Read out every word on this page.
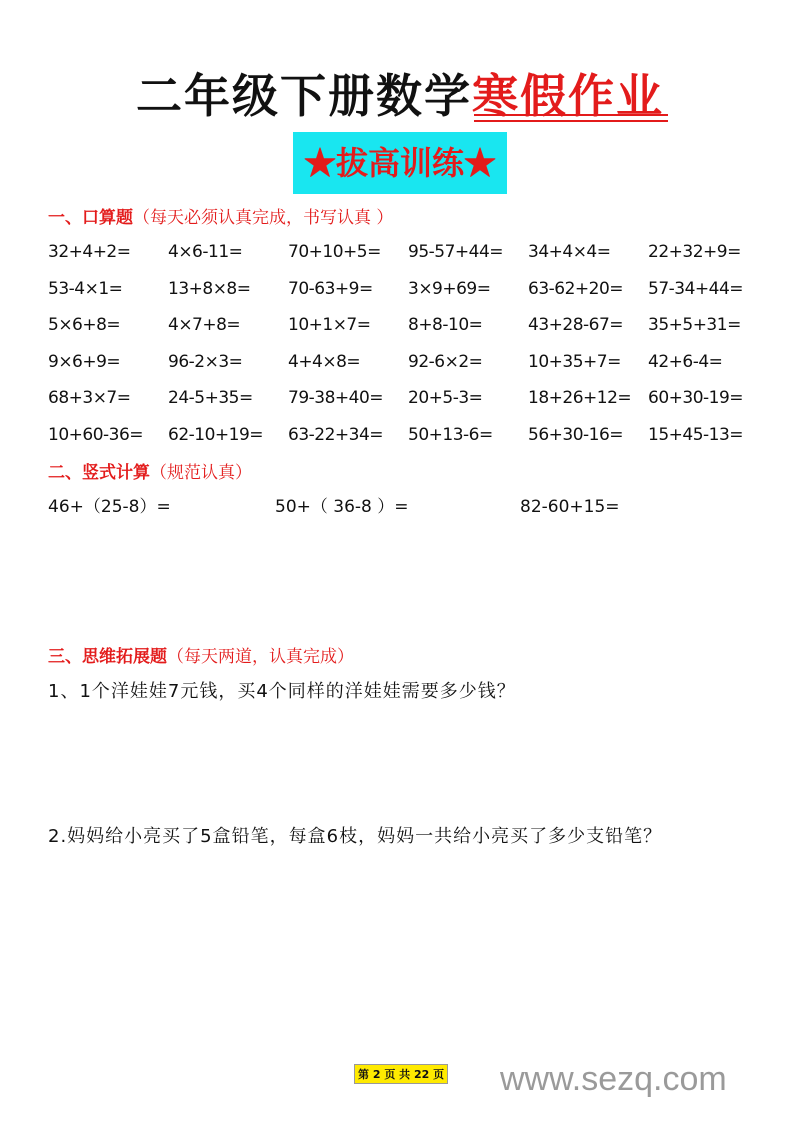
二年级下册数学寒假作业
★拔高训练★
一、口算题（每天必须认真完成，书写认真 ）
32+4+2=	4×6-11=	70+10+5=	95-57+44=	34+4×4=	22+32+9=
53-4×1=	13+8×8=	70-63+9=	3×9+69=	63-62+20=	57-34+44=
5×6+8=	4×7+8=	10+1×7=	8+8-10=	43+28-67=	35+5+31=
9×6+9=	96-2×3=	4+4×8=	92-6×2=	10+35+7=	42+6-4=
68+3×7=	24-5+35=	79-38+40=	20+5-3=	18+26+12= 60+30-19=
10+60-36=	62-10+19=	63-22+34=	50+13-6=	56+30-16=	15+45-13=
二、竖式计算（规范认真）
46+（25-8）=	50+（ 36-8 ）=	82-60+15=
三、思维拓展题（每天两道，认真完成）
1、1个洋娃娃7元钱，买4个同样的洋娃娃需要多少钱？
2.妈妈给小亮买了5盒铅笔，每盒6枝，妈妈一共给小亮买了多少支铅笔？
第 2 页 共 22 页 www.sezq.com
